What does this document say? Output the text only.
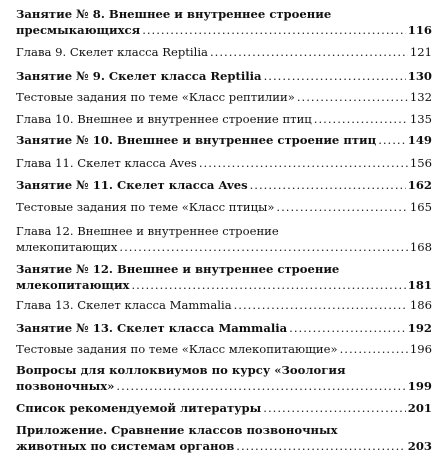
Занятие № 8. Внешнее и внутреннее строение
пресмыкающихся .....	116
Глава 9. Скелет класса Reptilia .....	121
Занятие № 9. Скелет класса Reptilia .....	130
Тестовые задания по теме «Класс рептилии» .....	132
Глава 10. Внешнее и внутреннее строение птиц .....	135
Занятие № 10. Внешнее и внутреннее строение птиц .....	149
Глава 11. Скелет класса Aves .....	156
Занятие № 11. Скелет класса Aves .....	162
Тестовые задания по теме «Класс птицы» .....	165
Глава 12. Внешнее и внутреннее строение
млекопитающих .....	168
Занятие № 12. Внешнее и внутреннее строение
млекопитающих .....	181
Глава 13. Скелет класса Mammalia .....	186
Занятие № 13. Скелет класса Mammalia .....	192
Тестовые задания по теме «Класс млекопитающие» .....	196
Вопросы для коллоквиумов по курсу «Зоология
позвоночных» .....	199
Список рекомендуемой литературы .....	201
Приложение. Сравнение классов позвоночных
животных по системам органов .....	203
